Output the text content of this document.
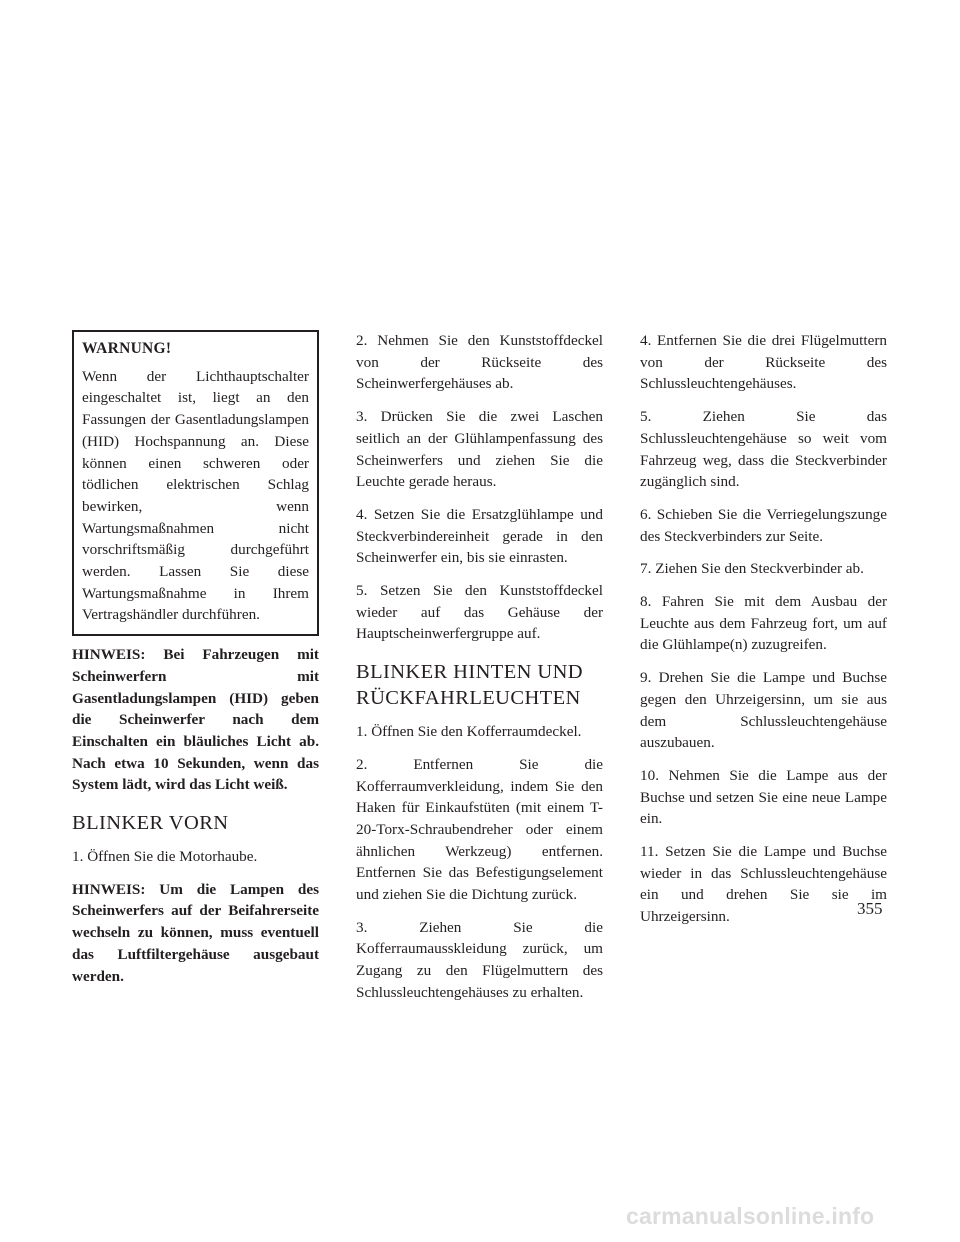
WARNUNG!

Wenn der Lichthauptschalter eingeschaltet ist, liegt an den Fassungen der Gasentladungslampen (HID) Hochspannung an. Diese können einen schweren oder tödlichen elektrischen Schlag bewirken, wenn Wartungsmaßnahmen nicht vorschriftsmäßig durchgeführt werden. Lassen Sie diese Wartungsmaßnahme in Ihrem Vertragshändler durchführen.

HINWEIS: Bei Fahrzeugen mit Scheinwerfern mit Gasentladungslampen (HID) geben die Scheinwerfer nach dem Einschalten ein bläuliches Licht ab. Nach etwa 10 Sekunden, wenn das System lädt, wird das Licht weiß.

BLINKER VORN

1. Öffnen Sie die Motorhaube.

HINWEIS: Um die Lampen des Scheinwerfers auf der Beifahrerseite wechseln zu können, muss eventuell das Luftfiltergehäuse ausgebaut werden.

2. Nehmen Sie den Kunststoffdeckel von der Rückseite des Scheinwerfergehäuses ab.

3. Drücken Sie die zwei Laschen seitlich an der Glühlampenfassung des Scheinwerfers und ziehen Sie die Leuchte gerade heraus.

4. Setzen Sie die Ersatzglühlampe und Steckverbindereinheit gerade in den Scheinwerfer ein, bis sie einrasten.

5. Setzen Sie den Kunststoffdeckel wieder auf das Gehäuse der Hauptscheinwerfergruppe auf.

BLINKER HINTEN UND
RÜCKFAHRLEUCHTEN

1. Öffnen Sie den Kofferraumdeckel.

2. Entfernen Sie die Kofferraumverkleidung, indem Sie den Haken für Einkaufstüten (mit einem T-20-Torx-Schraubendreher oder einem ähnlichen Werkzeug) entfernen. Entfernen Sie das Befestigungselement und ziehen Sie die Dichtung zurück.

3. Ziehen Sie die Kofferraumausskleidung zurück, um Zugang zu den Flügelmuttern des Schlussleuchtengehäuses zu erhalten.

4. Entfernen Sie die drei Flügelmuttern von der Rückseite des Schlussleuchtengehäuses.

5. Ziehen Sie das Schlussleuchtengehäuse so weit vom Fahrzeug weg, dass die Steckverbinder zugänglich sind.

6. Schieben Sie die Verriegelungszunge des Steckverbinders zur Seite.

7. Ziehen Sie den Steckverbinder ab.

8. Fahren Sie mit dem Ausbau der Leuchte aus dem Fahrzeug fort, um auf die Glühlampe(n) zuzugreifen.

9. Drehen Sie die Lampe und Buchse gegen den Uhrzeigersinn, um sie aus dem Schlussleuchtengehäuse auszubauen.

10. Nehmen Sie die Lampe aus der Buchse und setzen Sie eine neue Lampe ein.

11. Setzen Sie die Lampe und Buchse wieder in das Schlussleuchtengehäuse ein und drehen Sie sie im Uhrzeigersinn.	355
carmanualsonline.info
